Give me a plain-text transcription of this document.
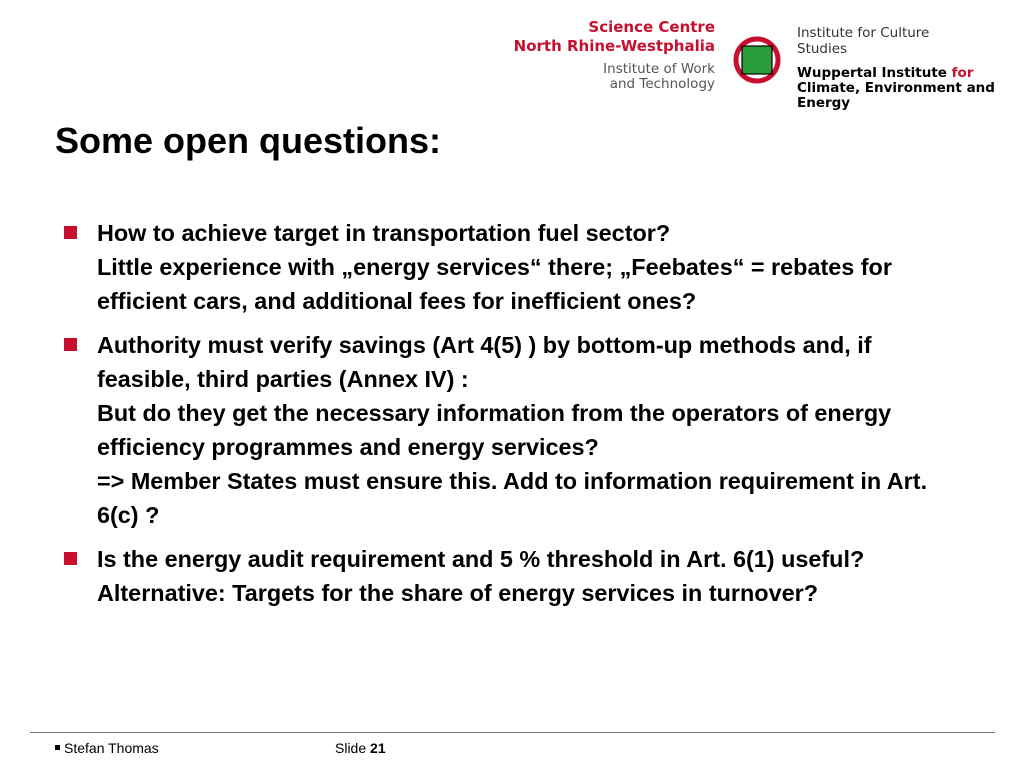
Science Centre
North Rhine-Westphalia
Institute of Work
and Technology
Institute for Culture Studies
Wuppertal Institute for
Climate, Environment and Energy
Some open questions:
How to achieve target in transportation fuel sector?
Little experience with „energy services“ there; „Feebates“ = rebates for efficient cars, and additional fees for inefficient ones?
Authority must verify savings (Art 4(5) ) by bottom-up methods and, if feasible, third parties (Annex IV) :
But do they get the necessary information from the operators of energy efficiency programmes and energy services?
=> Member States must ensure this. Add to information requirement in Art. 6(c) ?
Is the energy audit requirement and 5 % threshold in Art. 6(1) useful? Alternative: Targets for the share of energy services in turnover?
Stefan Thomas	Slide 21
